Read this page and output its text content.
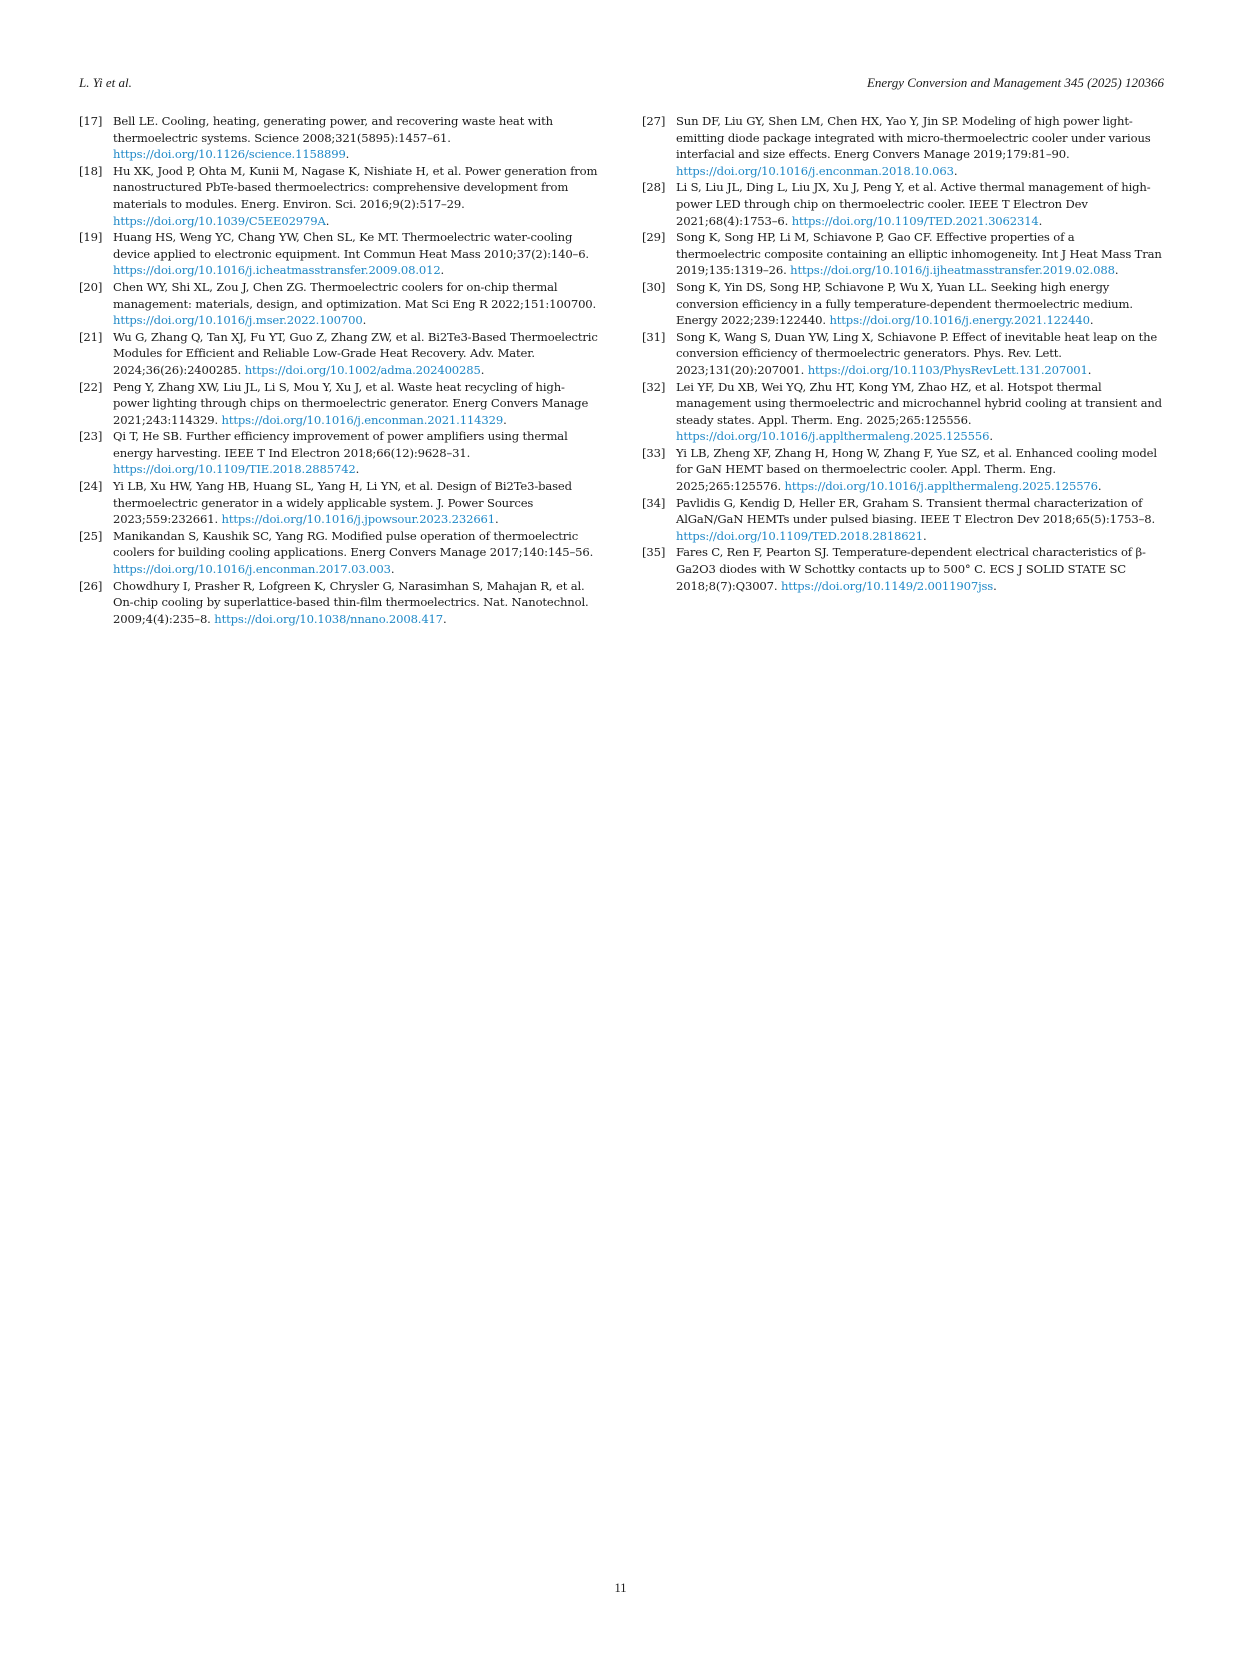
L. Yi et al.	Energy Conversion and Management 345 (2025) 120366
[17] Bell LE. Cooling, heating, generating power, and recovering waste heat with thermoelectric systems. Science 2008;321(5895):1457–61. https://doi.org/10.1126/science.1158899.
[18] Hu XK, Jood P, Ohta M, Kunii M, Nagase K, Nishiate H, et al. Power generation from nanostructured PbTe-based thermoelectrics: comprehensive development from materials to modules. Energ. Environ. Sci. 2016;9(2):517–29. https://doi.org/10.1039/C5EE02979A.
[19] Huang HS, Weng YC, Chang YW, Chen SL, Ke MT. Thermoelectric water-cooling device applied to electronic equipment. Int Commun Heat Mass 2010;37(2):140–6. https://doi.org/10.1016/j.icheatmasstransfer.2009.08.012.
[20] Chen WY, Shi XL, Zou J, Chen ZG. Thermoelectric coolers for on-chip thermal management: materials, design, and optimization. Mat Sci Eng R 2022;151:100700. https://doi.org/10.1016/j.mser.2022.100700.
[21] Wu G, Zhang Q, Tan XJ, Fu YT, Guo Z, Zhang ZW, et al. Bi2Te3-Based Thermoelectric Modules for Efficient and Reliable Low-Grade Heat Recovery. Adv. Mater. 2024;36(26):2400285. https://doi.org/10.1002/adma.202400285.
[22] Peng Y, Zhang XW, Liu JL, Li S, Mou Y, Xu J, et al. Waste heat recycling of high-power lighting through chips on thermoelectric generator. Energ Convers Manage 2021;243:114329. https://doi.org/10.1016/j.enconman.2021.114329.
[23] Qi T, He SB. Further efficiency improvement of power amplifiers using thermal energy harvesting. IEEE T Ind Electron 2018;66(12):9628–31. https://doi.org/10.1109/TIE.2018.2885742.
[24] Yi LB, Xu HW, Yang HB, Huang SL, Yang H, Li YN, et al. Design of Bi2Te3-based thermoelectric generator in a widely applicable system. J. Power Sources 2023;559:232661. https://doi.org/10.1016/j.jpowsour.2023.232661.
[25] Manikandan S, Kaushik SC, Yang RG. Modified pulse operation of thermoelectric coolers for building cooling applications. Energ Convers Manage 2017;140:145–56. https://doi.org/10.1016/j.enconman.2017.03.003.
[26] Chowdhury I, Prasher R, Lofgreen K, Chrysler G, Narasimhan S, Mahajan R, et al. On-chip cooling by superlattice-based thin-film thermoelectrics. Nat. Nanotechnol. 2009;4(4):235–8. https://doi.org/10.1038/nnano.2008.417.
[27] Sun DF, Liu GY, Shen LM, Chen HX, Yao Y, Jin SP. Modeling of high power light-emitting diode package integrated with micro-thermoelectric cooler under various interfacial and size effects. Energ Convers Manage 2019;179:81–90. https://doi.org/10.1016/j.enconman.2018.10.063.
[28] Li S, Liu JL, Ding L, Liu JX, Xu J, Peng Y, et al. Active thermal management of high-power LED through chip on thermoelectric cooler. IEEE T Electron Dev 2021;68(4):1753–6. https://doi.org/10.1109/TED.2021.3062314.
[29] Song K, Song HP, Li M, Schiavone P, Gao CF. Effective properties of a thermoelectric composite containing an elliptic inhomogeneity. Int J Heat Mass Tran 2019;135:1319–26. https://doi.org/10.1016/j.ijheatmasstransfer.2019.02.088.
[30] Song K, Yin DS, Song HP, Schiavone P, Wu X, Yuan LL. Seeking high energy conversion efficiency in a fully temperature-dependent thermoelectric medium. Energy 2022;239:122440. https://doi.org/10.1016/j.energy.2021.122440.
[31] Song K, Wang S, Duan YW, Ling X, Schiavone P. Effect of inevitable heat leap on the conversion efficiency of thermoelectric generators. Phys. Rev. Lett. 2023;131(20):207001. https://doi.org/10.1103/PhysRevLett.131.207001.
[32] Lei YF, Du XB, Wei YQ, Zhu HT, Kong YM, Zhao HZ, et al. Hotspot thermal management using thermoelectric and microchannel hybrid cooling at transient and steady states. Appl. Therm. Eng. 2025;265:125556. https://doi.org/10.1016/j.applthermaleng.2025.125556.
[33] Yi LB, Zheng XF, Zhang H, Hong W, Zhang F, Yue SZ, et al. Enhanced cooling model for GaN HEMT based on thermoelectric cooler. Appl. Therm. Eng. 2025;265:125576. https://doi.org/10.1016/j.applthermaleng.2025.125576.
[34] Pavlidis G, Kendig D, Heller ER, Graham S. Transient thermal characterization of AlGaN/GaN HEMTs under pulsed biasing. IEEE T Electron Dev 2018;65(5):1753–8. https://doi.org/10.1109/TED.2018.2818621.
[35] Fares C, Ren F, Pearton SJ. Temperature-dependent electrical characteristics of β-Ga2O3 diodes with W Schottky contacts up to 500° C. ECS J SOLID STATE SC 2018;8(7):Q3007. https://doi.org/10.1149/2.0011907jss.
11
